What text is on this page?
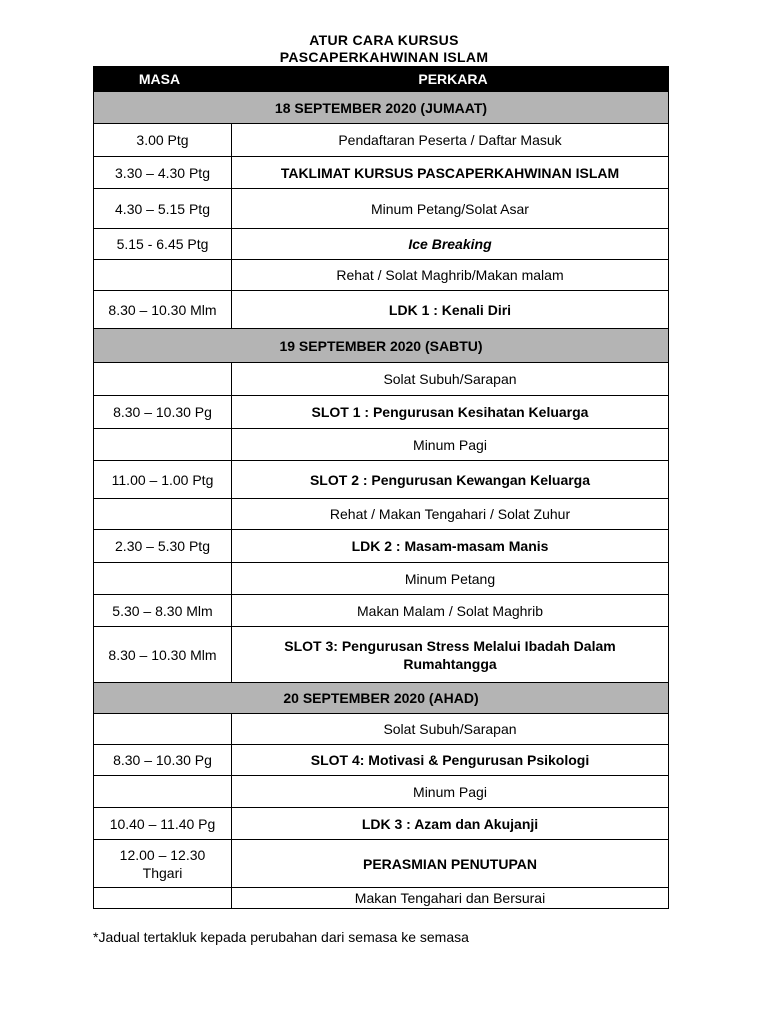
ATUR CARA KURSUS
PASCAPERKAHWINAN ISLAM
MASA	PERKARA
18 SEPTEMBER 2020 (JUMAAT)	
3.00 Ptg	Pendaftaran Peserta / Daftar Masuk
3.30 – 4.30 Ptg	TAKLIMAT KURSUS PASCAPERKAHWINAN ISLAM
4.30 – 5.15 Ptg	Minum Petang/Solat Asar
5.15 - 6.45 Ptg	Ice Breaking
	Rehat / Solat Maghrib/Makan malam
8.30 – 10.30 Mlm	LDK 1 : Kenali Diri
19 SEPTEMBER 2020 (SABTU)	
	Solat Subuh/Sarapan
8.30 – 10.30 Pg	SLOT 1 : Pengurusan Kesihatan Keluarga
	Minum Pagi
11.00 – 1.00 Ptg	SLOT 2 : Pengurusan Kewangan Keluarga
	Rehat / Makan Tengahari / Solat Zuhur
2.30 – 5.30 Ptg	LDK 2 : Masam-masam Manis
	Minum Petang
5.30 – 8.30 Mlm	Makan Malam / Solat Maghrib
8.30 – 10.30 Mlm	SLOT 3: Pengurusan Stress Melalui Ibadah Dalam Rumahtangga
20 SEPTEMBER 2020 (AHAD)	
	Solat Subuh/Sarapan
8.30 – 10.30 Pg	SLOT 4: Motivasi & Pengurusan Psikologi
	Minum Pagi
10.40 – 11.40 Pg	LDK 3 : Azam dan Akujanji
12.00 – 12.30 Thgari	PERASMIAN PENUTUPAN
	Makan Tengahari dan Bersurai
*Jadual tertakluk kepada perubahan dari semasa ke semasa
